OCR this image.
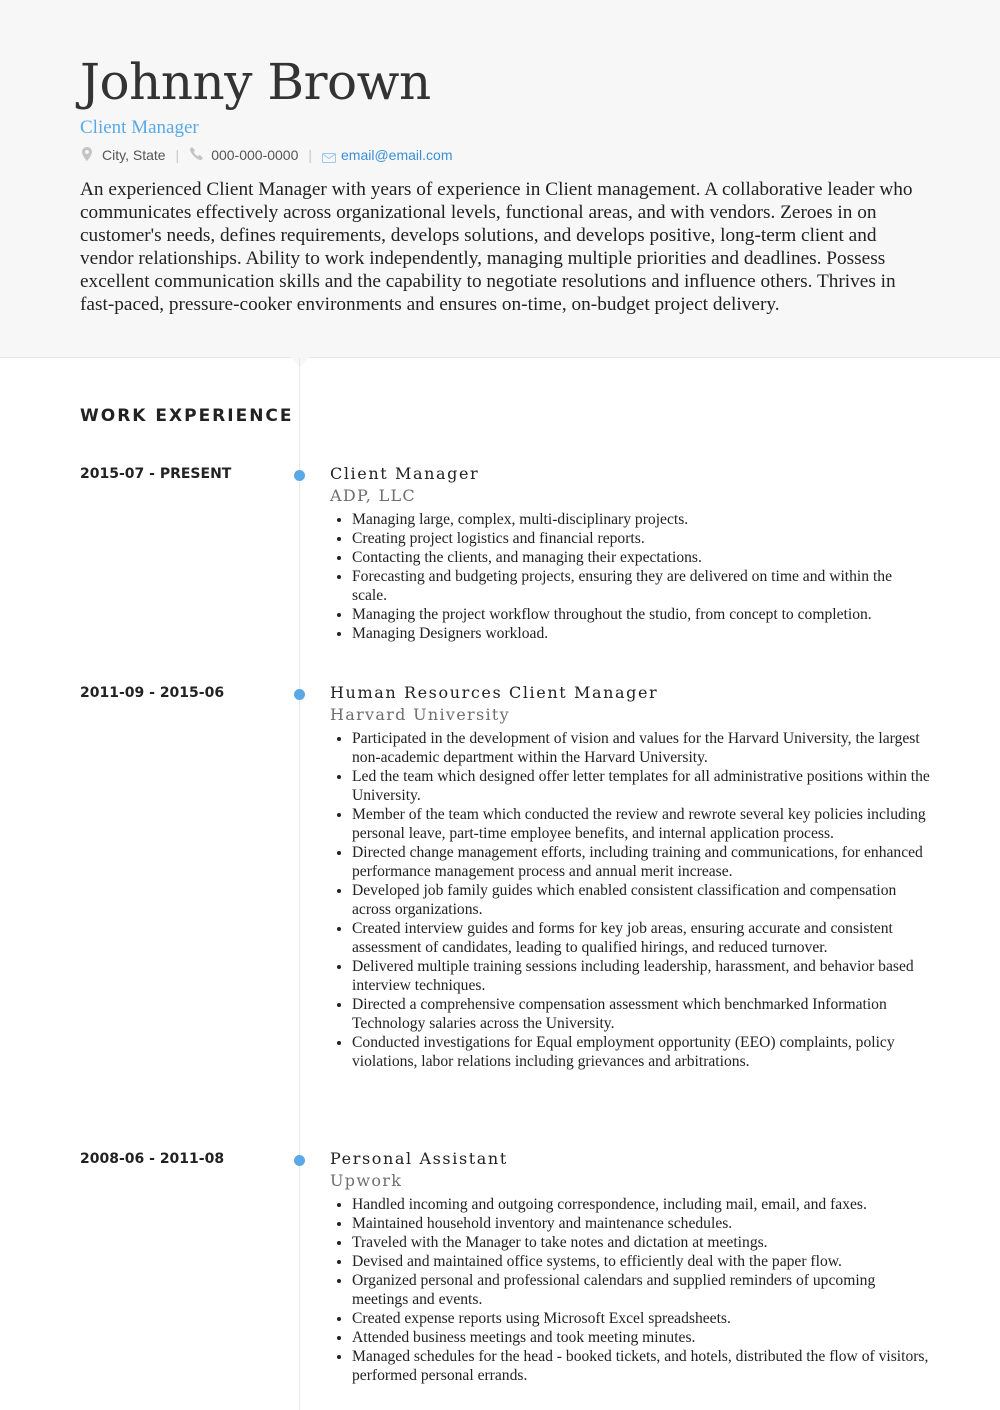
Johnny Brown
Client Manager
City, State | 000-000-0000 | email@email.com

An experienced Client Manager with years of experience in Client management. A collaborative leader who communicates effectively across organizational levels, functional areas, and with vendors. Zeroes in on customer's needs, defines requirements, develops solutions, and develops positive, long-term client and vendor relationships. Ability to work independently, managing multiple priorities and deadlines. Possess excellent communication skills and the capability to negotiate resolutions and influence others. Thrives in fast-paced, pressure-cooker environments and ensures on-time, on-budget project delivery.

WORK EXPERIENCE
2015-07 - PRESENT	Client Manager
ADP, LLC
• Managing large, complex, multi-disciplinary projects.
• Creating project logistics and financial reports.
• Contacting the clients, and managing their expectations.
• Forecasting and budgeting projects, ensuring they are delivered on time and within the scale.
• Managing the project workflow throughout the studio, from concept to completion.
• Managing Designers workload.
2011-09 - 2015-06	Human Resources Client Manager
Harvard University
• Participated in the development of vision and values for the Harvard University, the largest non-academic department within the Harvard University.
• Led the team which designed offer letter templates for all administrative positions within the University.
• Member of the team which conducted the review and rewrote several key policies including personal leave, part-time employee benefits, and internal application process.
• Directed change management efforts, including training and communications, for enhanced performance management process and annual merit increase.
• Developed job family guides which enabled consistent classification and compensation across organizations.
• Created interview guides and forms for key job areas, ensuring accurate and consistent assessment of candidates, leading to qualified hirings, and reduced turnover.
• Delivered multiple training sessions including leadership, harassment, and behavior based interview techniques.
• Directed a comprehensive compensation assessment which benchmarked Information Technology salaries across the University.
• Conducted investigations for Equal employment opportunity (EEO) complaints, policy violations, labor relations including grievances and arbitrations.
2008-06 - 2011-08	Personal Assistant
Upwork
• Handled incoming and outgoing correspondence, including mail, email, and faxes.
• Maintained household inventory and maintenance schedules.
• Traveled with the Manager to take notes and dictation at meetings.
• Devised and maintained office systems, to efficiently deal with the paper flow.
• Organized personal and professional calendars and supplied reminders of upcoming meetings and events.
• Created expense reports using Microsoft Excel spreadsheets.
• Attended business meetings and took meeting minutes.
• Managed schedules for the head - booked tickets, and hotels, distributed the flow of visitors, performed personal errands.
